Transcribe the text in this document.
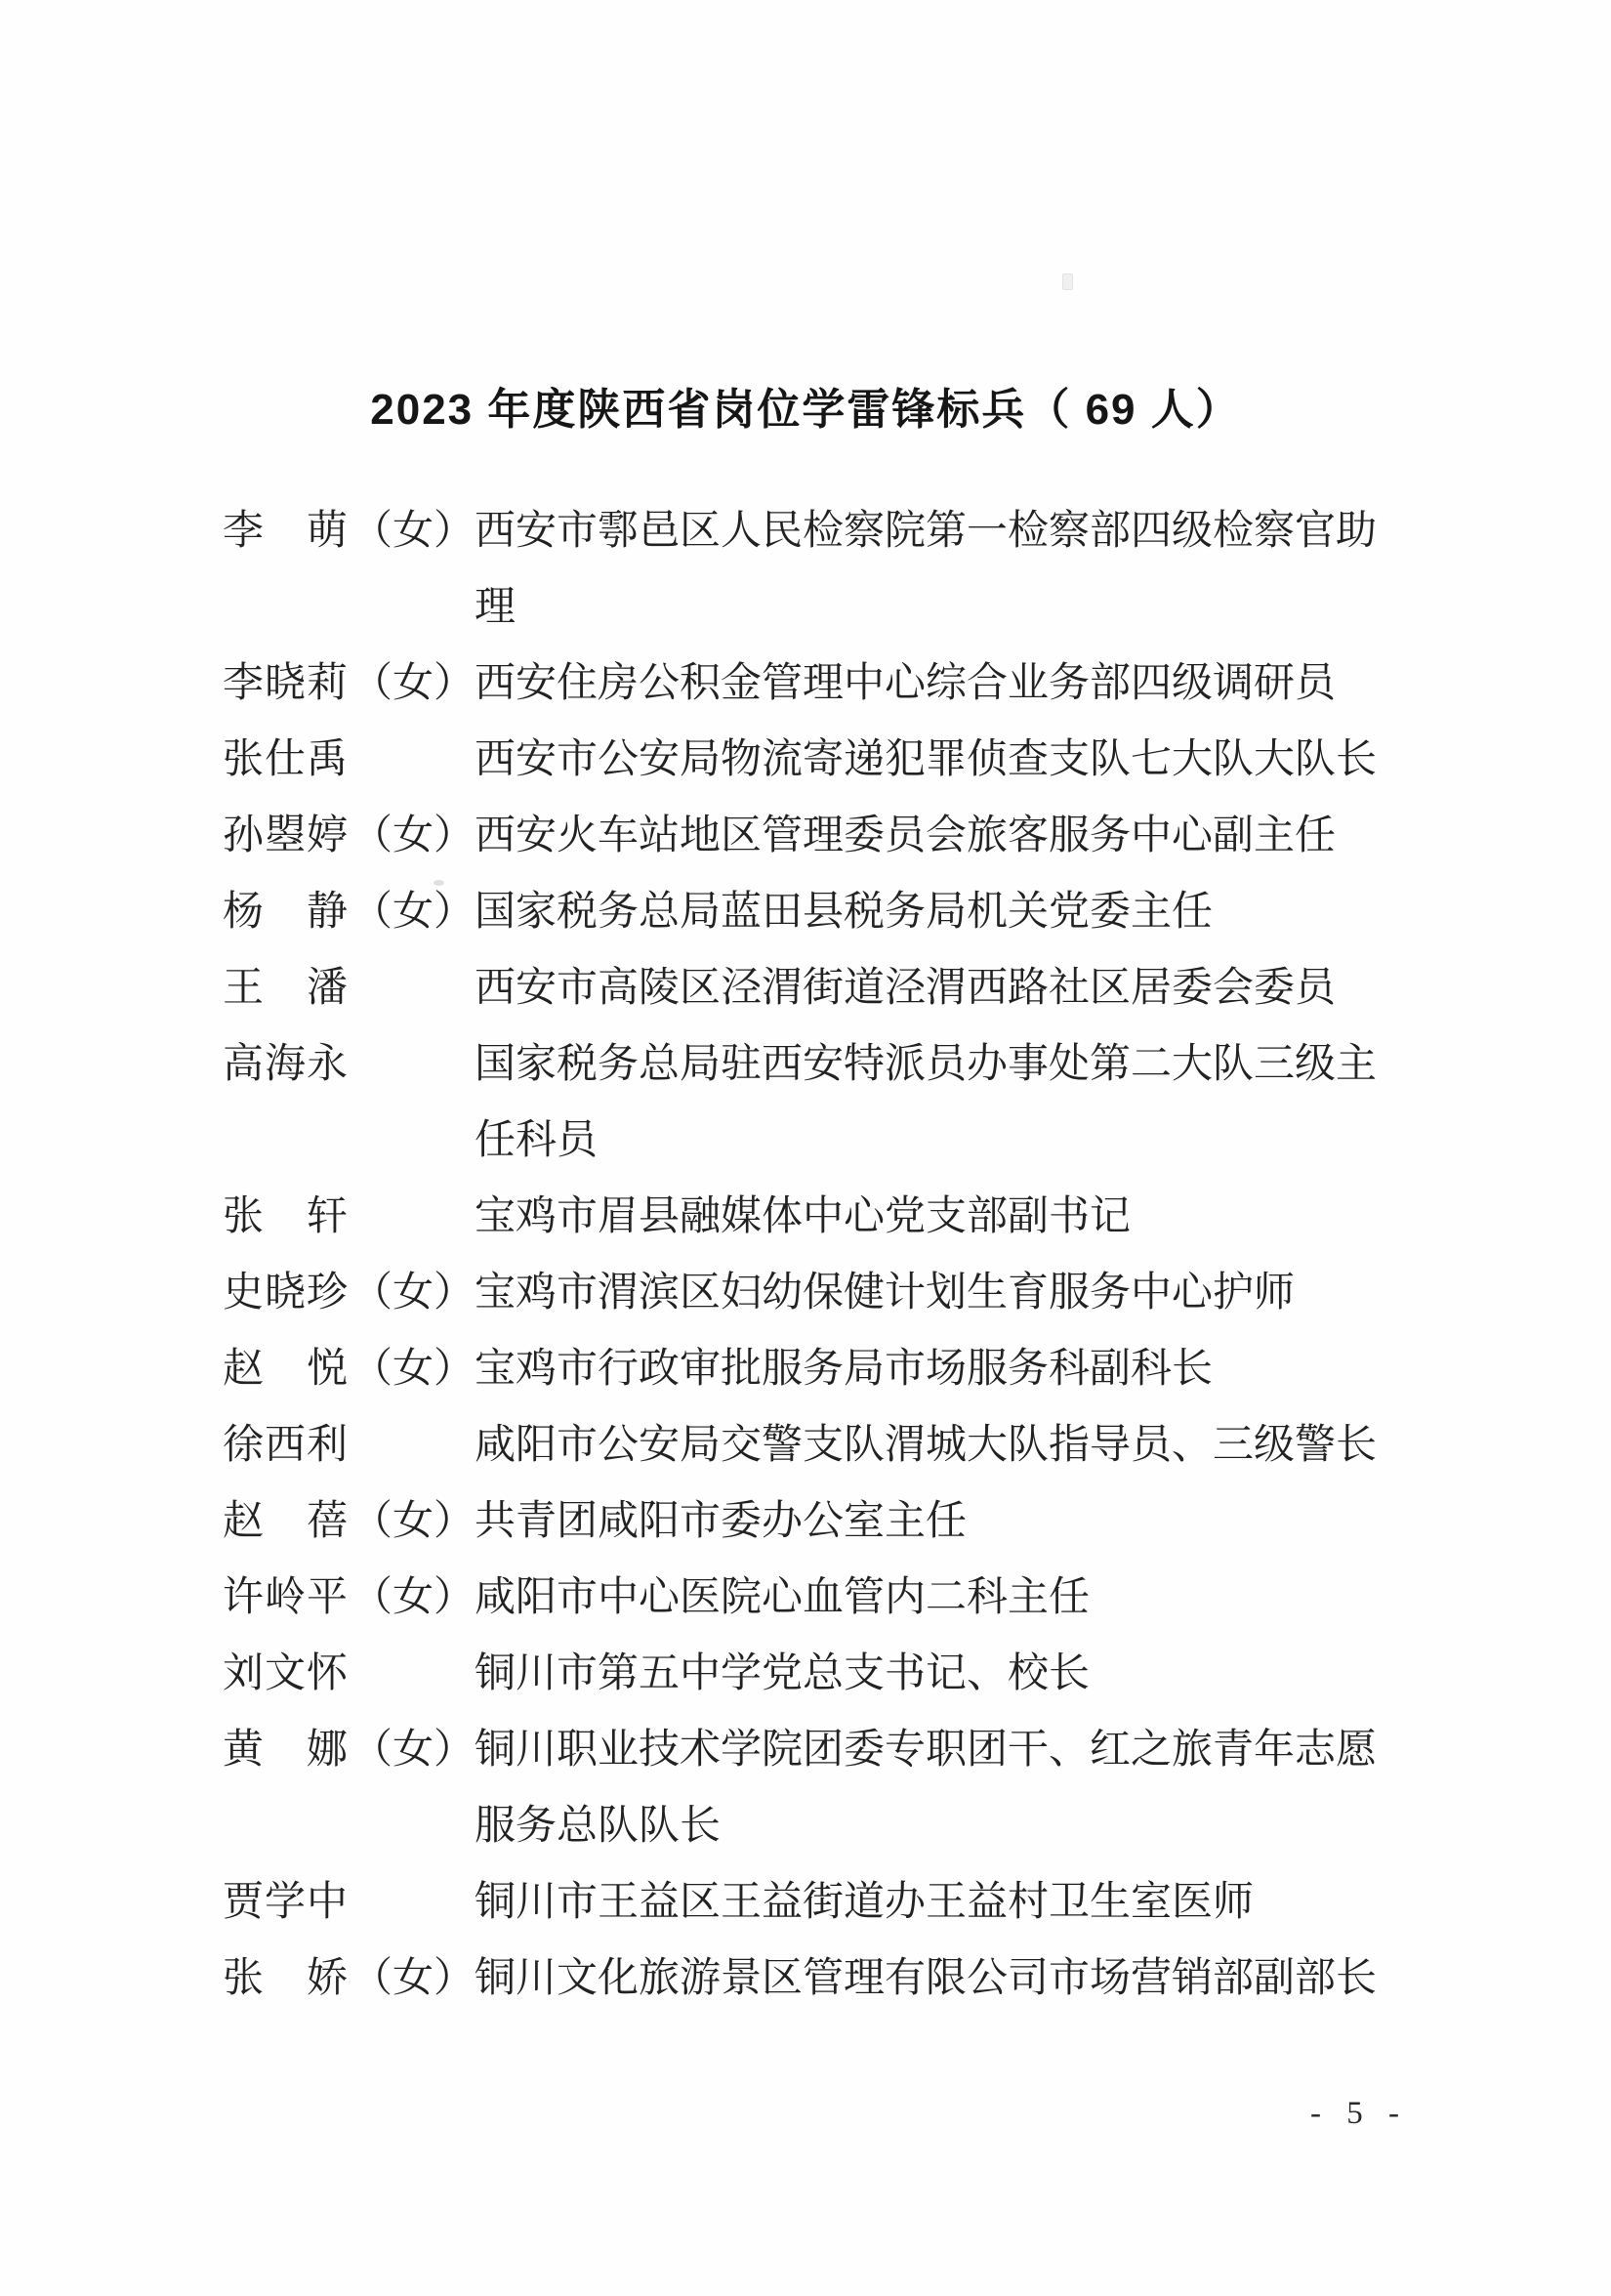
2023 年度陕西省岗位学雷锋标兵（ 69 人）
李　萌 （女） 西安市鄠邑区人民检察院第一检察部四级检察官助理
李晓莉 （女） 西安住房公积金管理中心综合业务部四级调研员
张仕禹	西安市公安局物流寄递犯罪侦查支队七大队大队长
孙曌婷 （女） 西安火车站地区管理委员会旅客服务中心副主任
杨　静 （女） 国家税务总局蓝田县税务局机关党委主任
王　潘	西安市高陵区泾渭街道泾渭西路社区居委会委员
高海永	国家税务总局驻西安特派员办事处第二大队三级主任科员
张　轩	宝鸡市眉县融媒体中心党支部副书记
史晓珍 （女） 宝鸡市渭滨区妇幼保健计划生育服务中心护师
赵　悦 （女） 宝鸡市行政审批服务局市场服务科副科长
徐西利	咸阳市公安局交警支队渭城大队指导员、三级警长
赵　蓓 （女） 共青团咸阳市委办公室主任
许岭平 （女） 咸阳市中心医院心血管内二科主任
刘文怀	铜川市第五中学党总支书记、校长
黄　娜 （女） 铜川职业技术学院团委专职团干、红之旅青年志愿服务总队队长
贾学中	铜川市王益区王益街道办王益村卫生室医师
张　娇 （女） 铜川文化旅游景区管理有限公司市场营销部副部长
- 5 -
